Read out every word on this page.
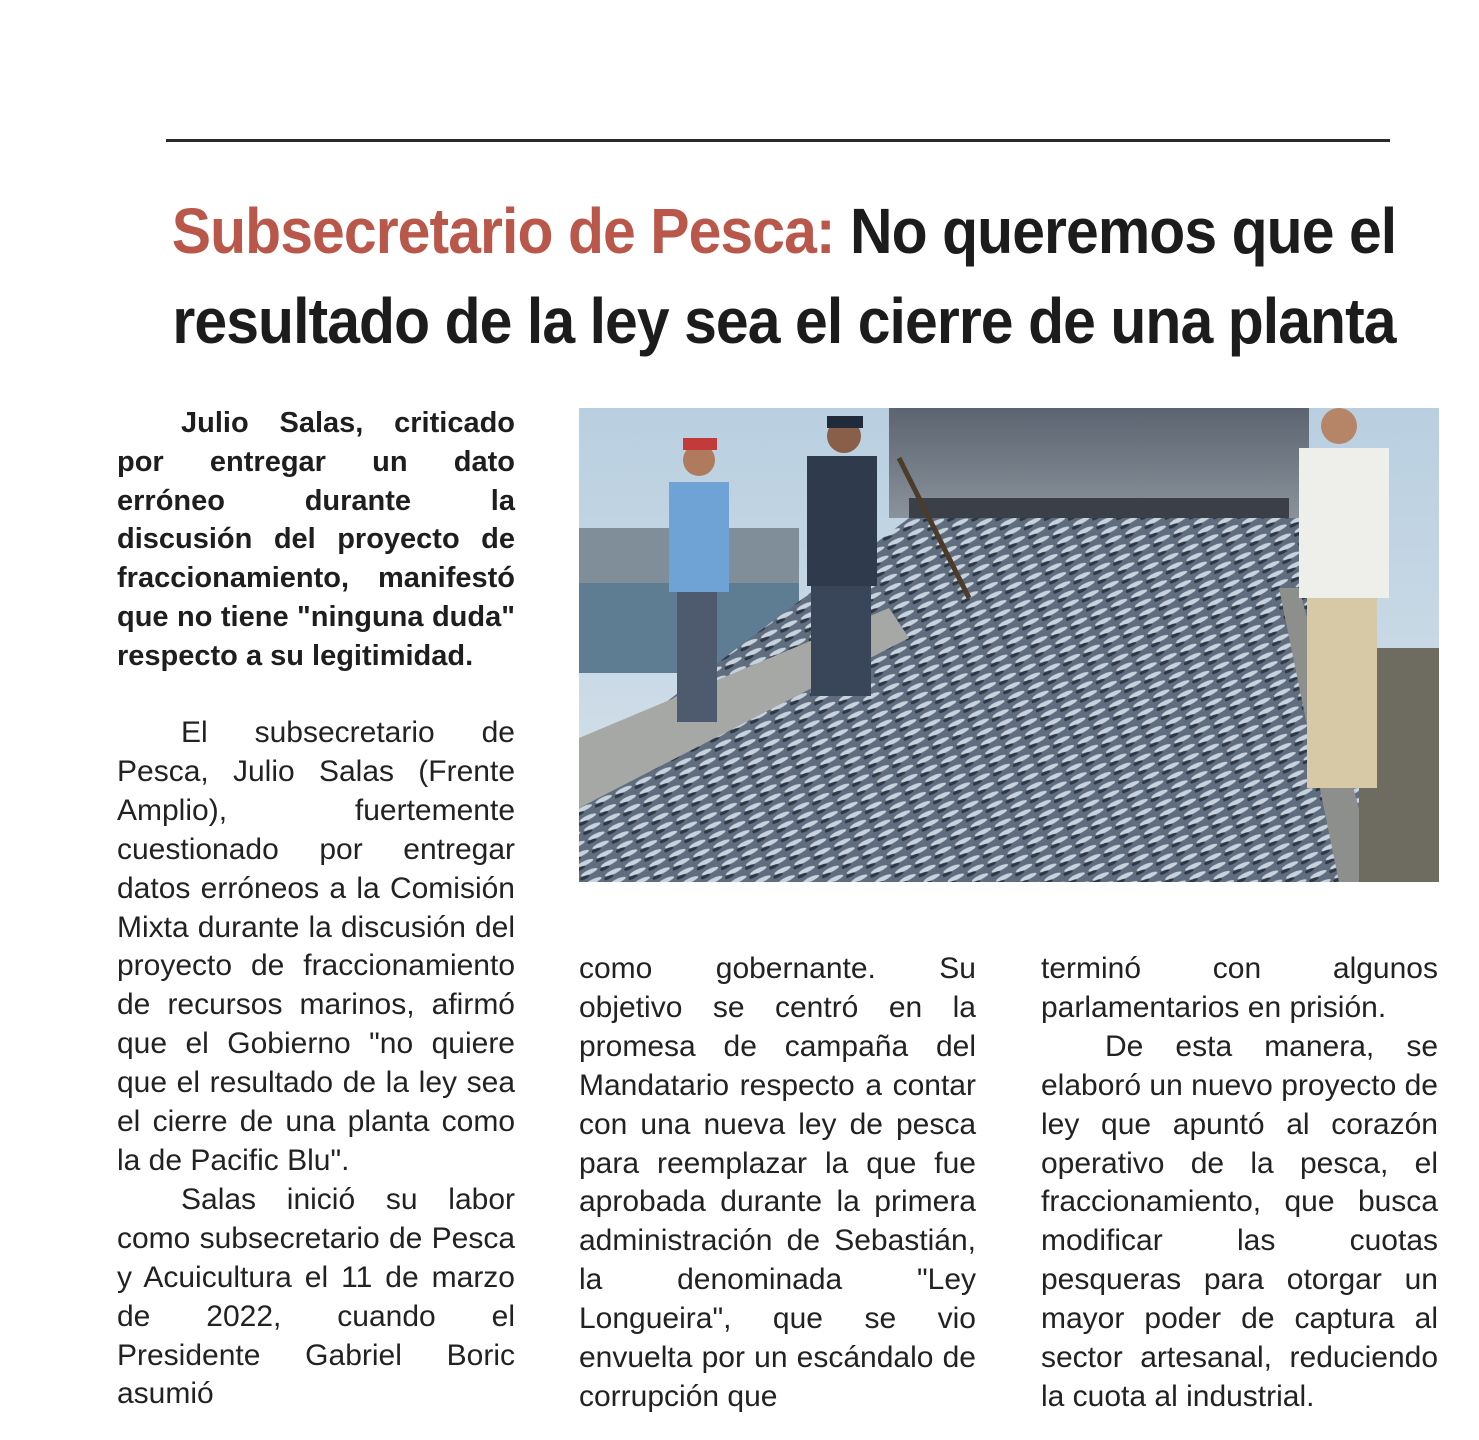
Subsecretario de Pesca: No queremos que el resultado de la ley sea el cierre de una planta

Julio Salas, criticado por entregar un dato erróneo durante la discusión del proyecto de fraccionamiento, manifestó que no tiene "ninguna duda" respecto a su legitimidad.

El subsecretario de Pesca, Julio Salas (Frente Amplio), fuertemente cuestionado por entregar datos erróneos a la Comisión Mixta durante la discusión del proyecto de fraccionamiento de recursos marinos, afirmó que el Gobierno "no quiere que el resultado de la ley sea el cierre de una planta como la de Pacific Blu".

Salas inició su labor como subsecretario de Pesca y Acuicultura el 11 de marzo de 2022, cuando el Presidente Gabriel Boric asumió

como gobernante. Su objetivo se centró en la promesa de campaña del Mandatario respecto a contar con una nueva ley de pesca para reemplazar la que fue aprobada durante la primera administración de Sebastián, la denominada "Ley Longueira", que se vio envuelta por un escándalo de corrupción que

terminó con algunos parlamentarios en prisión.

De esta manera, se elaboró un nuevo proyecto de ley que apuntó al corazón operativo de la pesca, el fraccionamiento, que busca modificar las cuotas pesqueras para otorgar un mayor poder de captura al sector artesanal, reduciendo la cuota al industrial.
